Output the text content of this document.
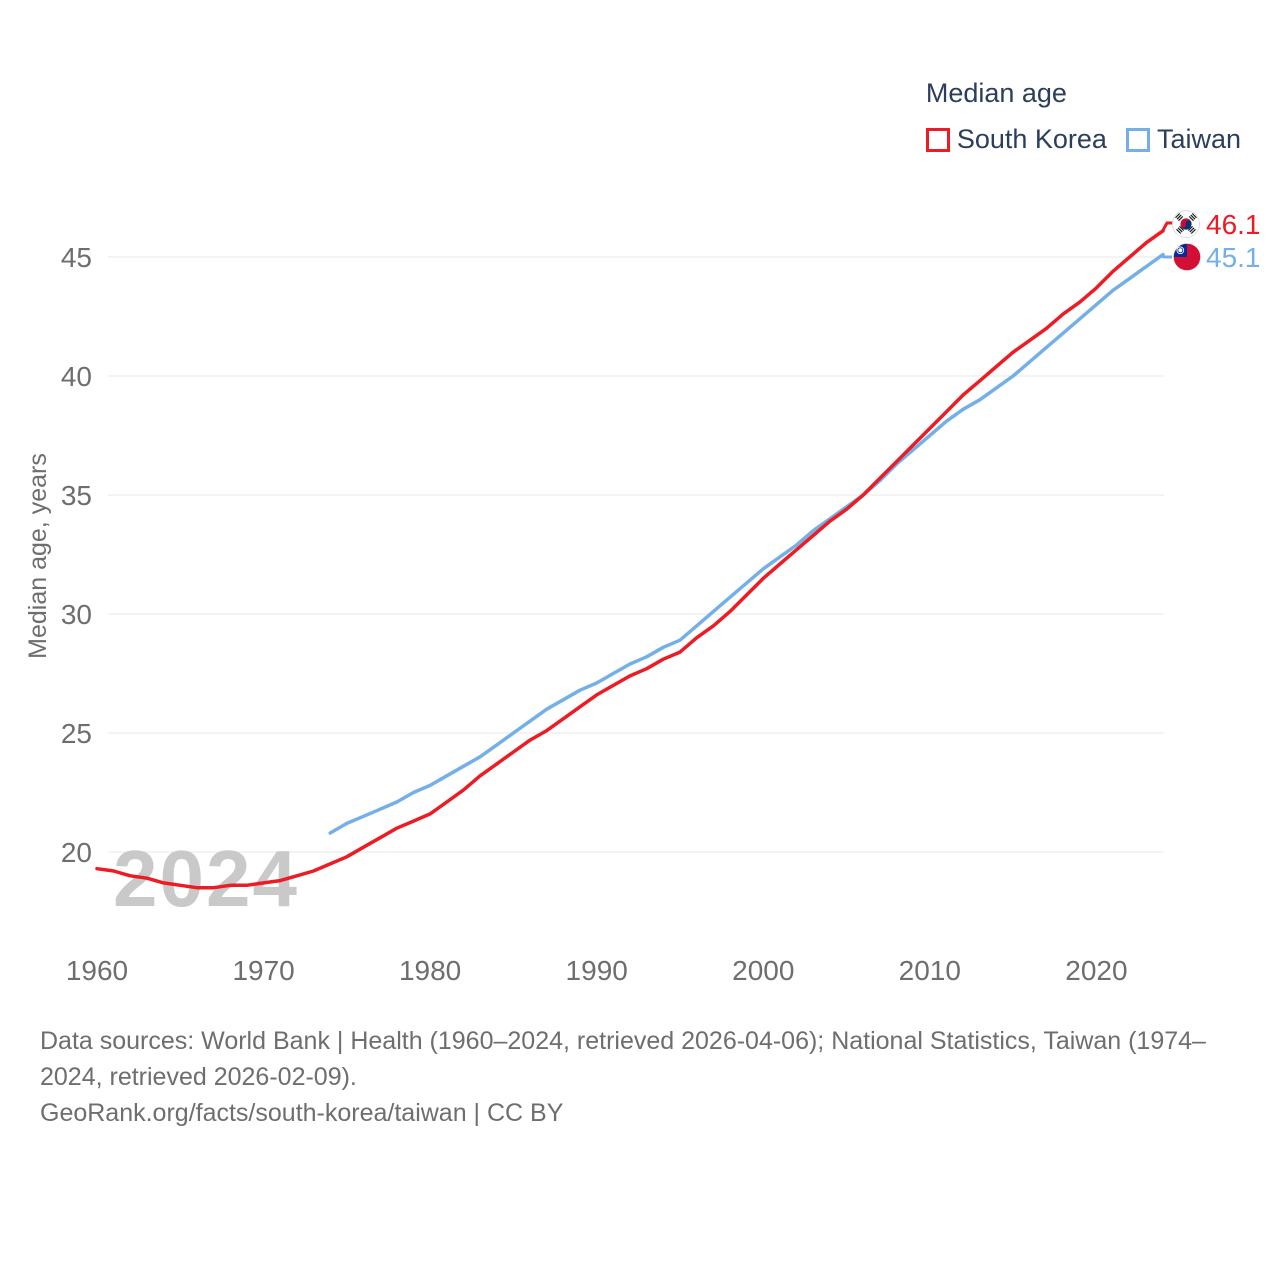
Median age
South Korea Taiwan
20
25
30
35
40
45
1960	1970	1980	1990	2000	2010	2020
Median age, years
2024
46.1
45.1

Data sources: World Bank | Health (1960–2024, retrieved 2026-04-06); National Statistics, Taiwan (1974–2024, retrieved 2026-02-09).

GeoRank.org/facts/south-korea/taiwan | CC BY
